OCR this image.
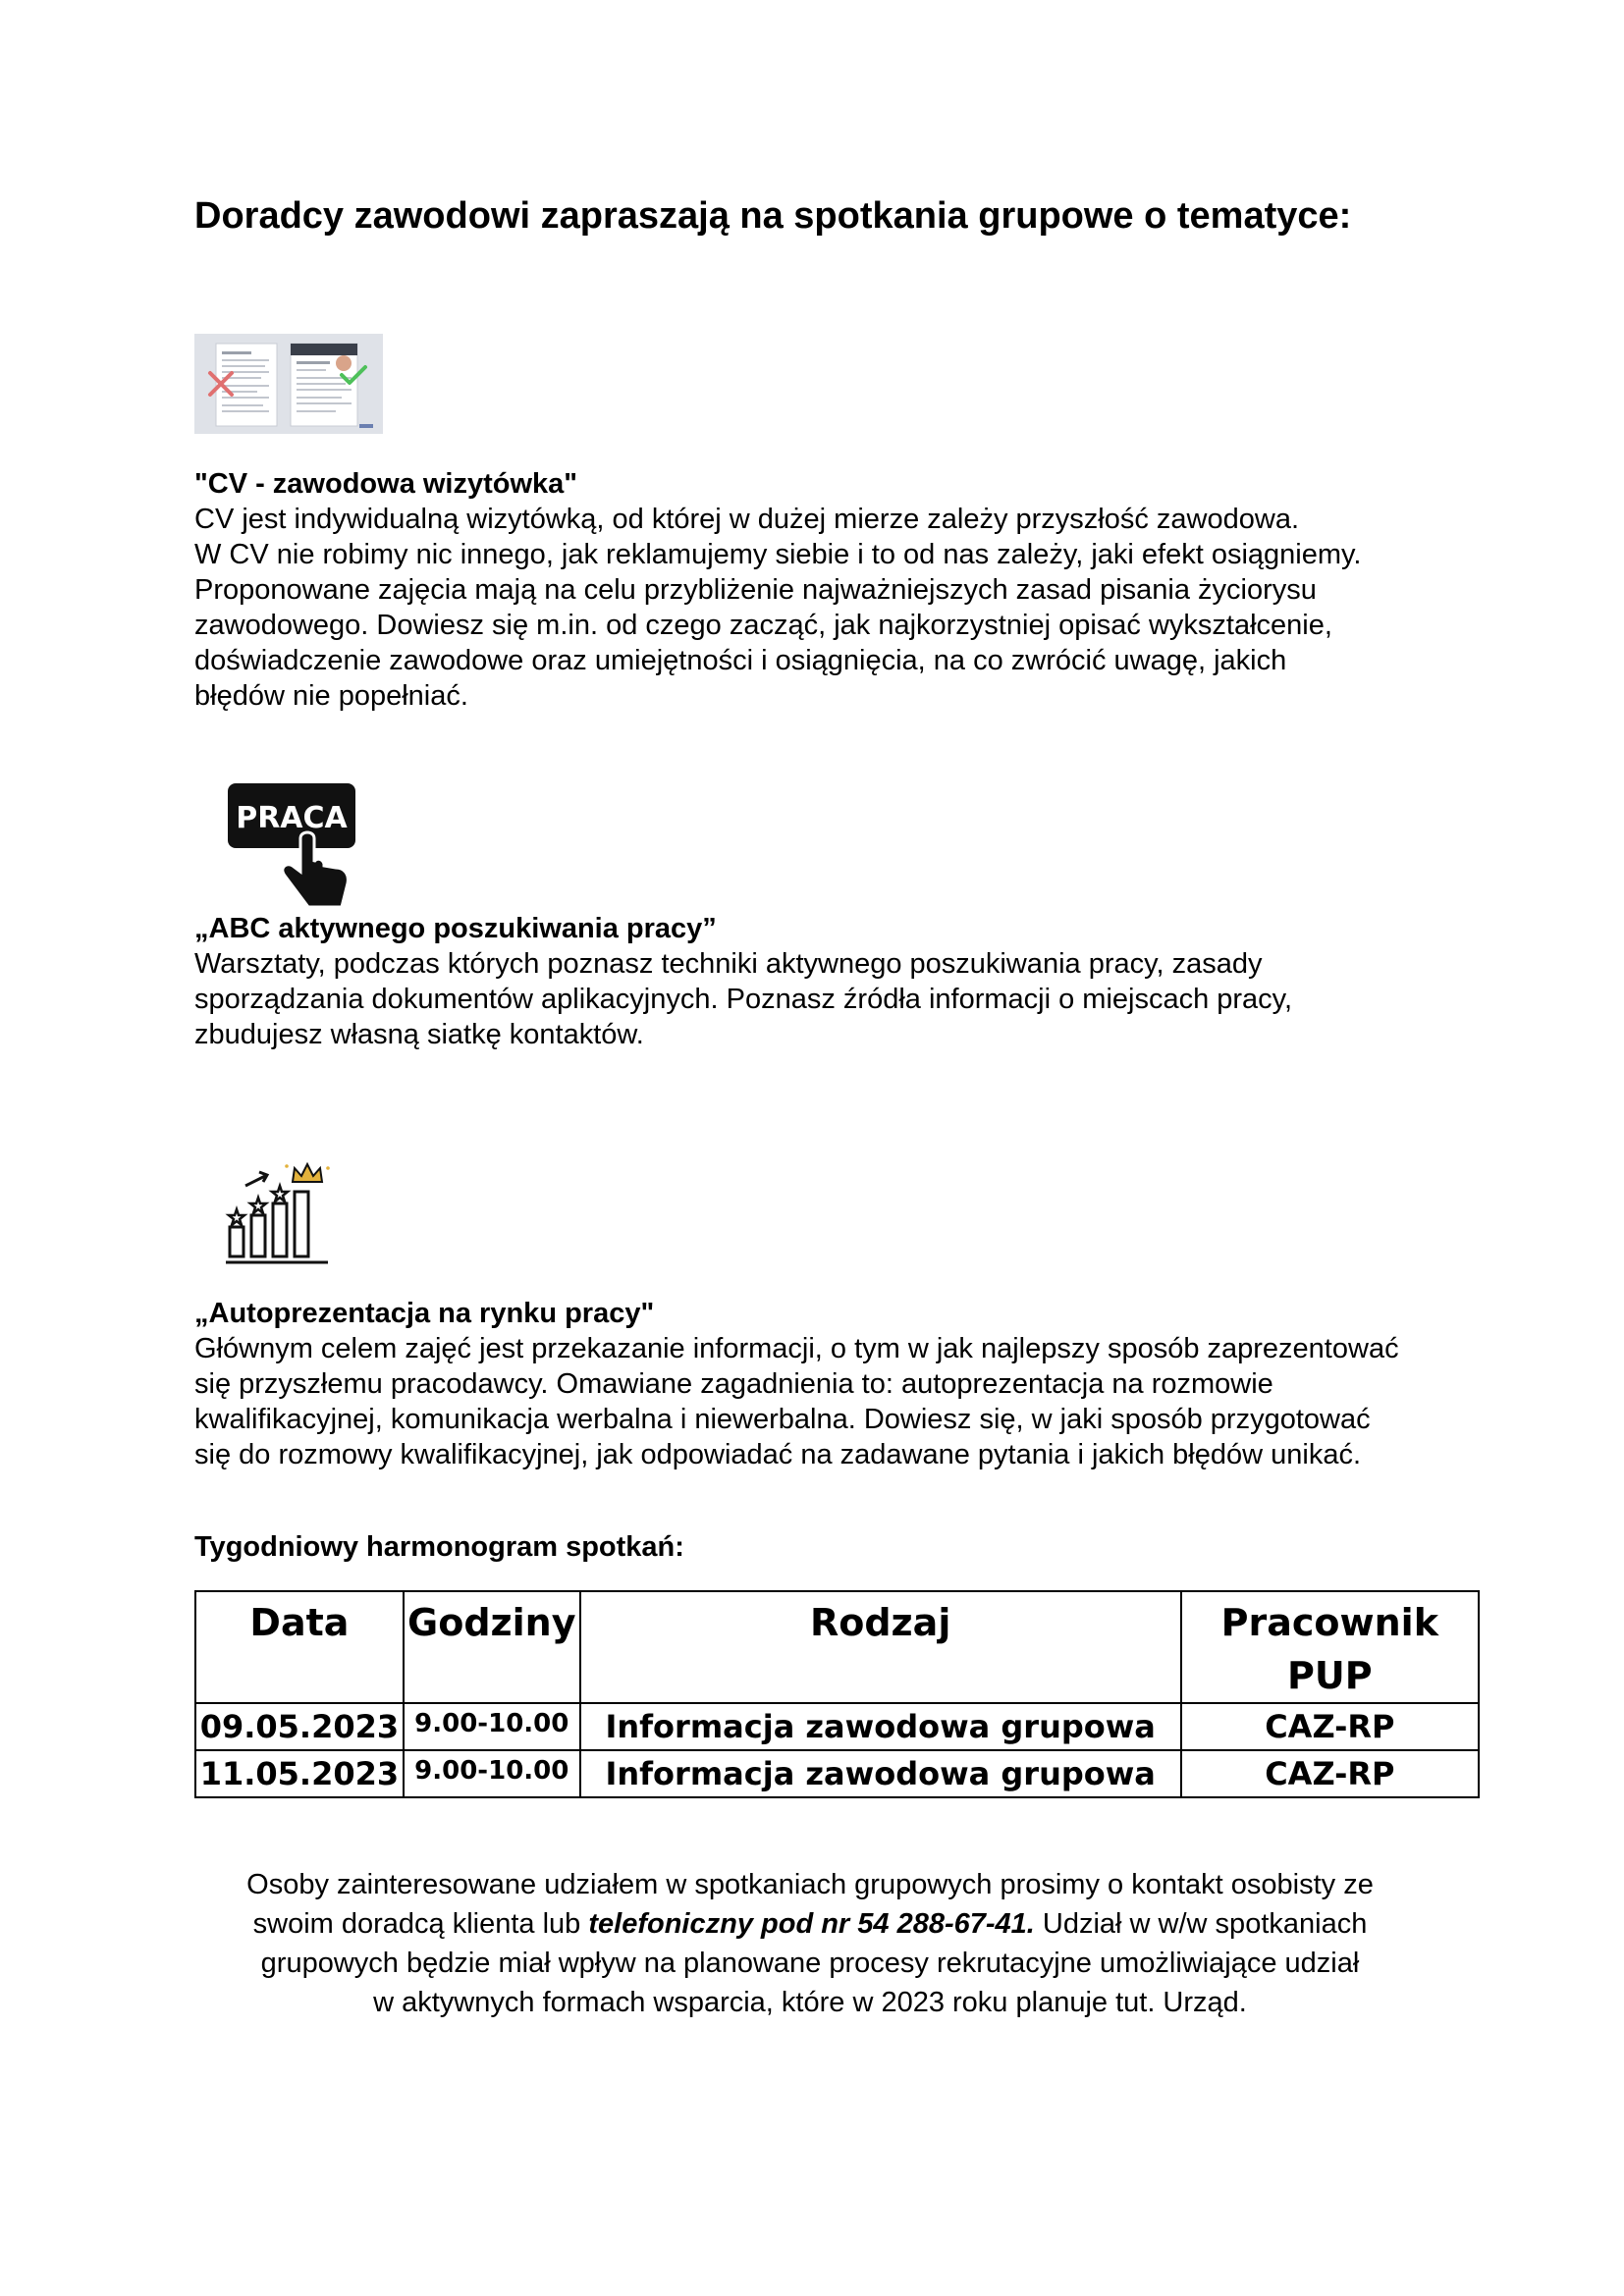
Doradcy zawodowi zapraszają na spotkania grupowe o tematyce:
"CV - zawodowa wizytówka"
CV jest indywidualną wizytówką, od której w dużej mierze zależy przyszłość zawodowa.
W CV nie robimy nic innego, jak reklamujemy siebie i to od nas zależy, jaki efekt osiągniemy.
Proponowane zajęcia mają na celu przybliżenie najważniejszych zasad pisania życiorysu
zawodowego. Dowiesz się m.in. od czego zacząć, jak najkorzystniej opisać wykształcenie,
doświadczenie zawodowe oraz umiejętności i osiągnięcia, na co zwrócić uwagę, jakich
błędów nie popełniać.
PRACA
„ABC aktywnego poszukiwania pracy”
Warsztaty, podczas których poznasz techniki aktywnego poszukiwania pracy, zasady
sporządzania dokumentów aplikacyjnych. Poznasz źródła informacji o miejscach pracy,
zbudujesz własną siatkę kontaktów.
„Autoprezentacja na rynku pracy"
Głównym celem zajęć jest przekazanie informacji, o tym w jak najlepszy sposób zaprezentować
się przyszłemu pracodawcy. Omawiane zagadnienia to: autoprezentacja na rozmowie
kwalifikacyjnej, komunikacja werbalna i niewerbalna. Dowiesz się, w jaki sposób przygotować
się do rozmowy kwalifikacyjnej, jak odpowiadać na zadawane pytania i jakich błędów unikać.
Tygodniowy harmonogram spotkań:
Data	Godziny	Rodzaj	Pracownik PUP
09.05.2023	9.00-10.00	Informacja zawodowa grupowa	CAZ-RP
11.05.2023	9.00-10.00	Informacja zawodowa grupowa	CAZ-RP
Osoby zainteresowane udziałem w spotkaniach grupowych prosimy o kontakt osobisty ze
swoim doradcą klienta lub telefoniczny pod nr 54 288-67-41. Udział w w/w spotkaniach
grupowych będzie miał wpływ na planowane procesy rekrutacyjne umożliwiające udział
w aktywnych formach wsparcia, które w 2023 roku planuje tut. Urząd.
